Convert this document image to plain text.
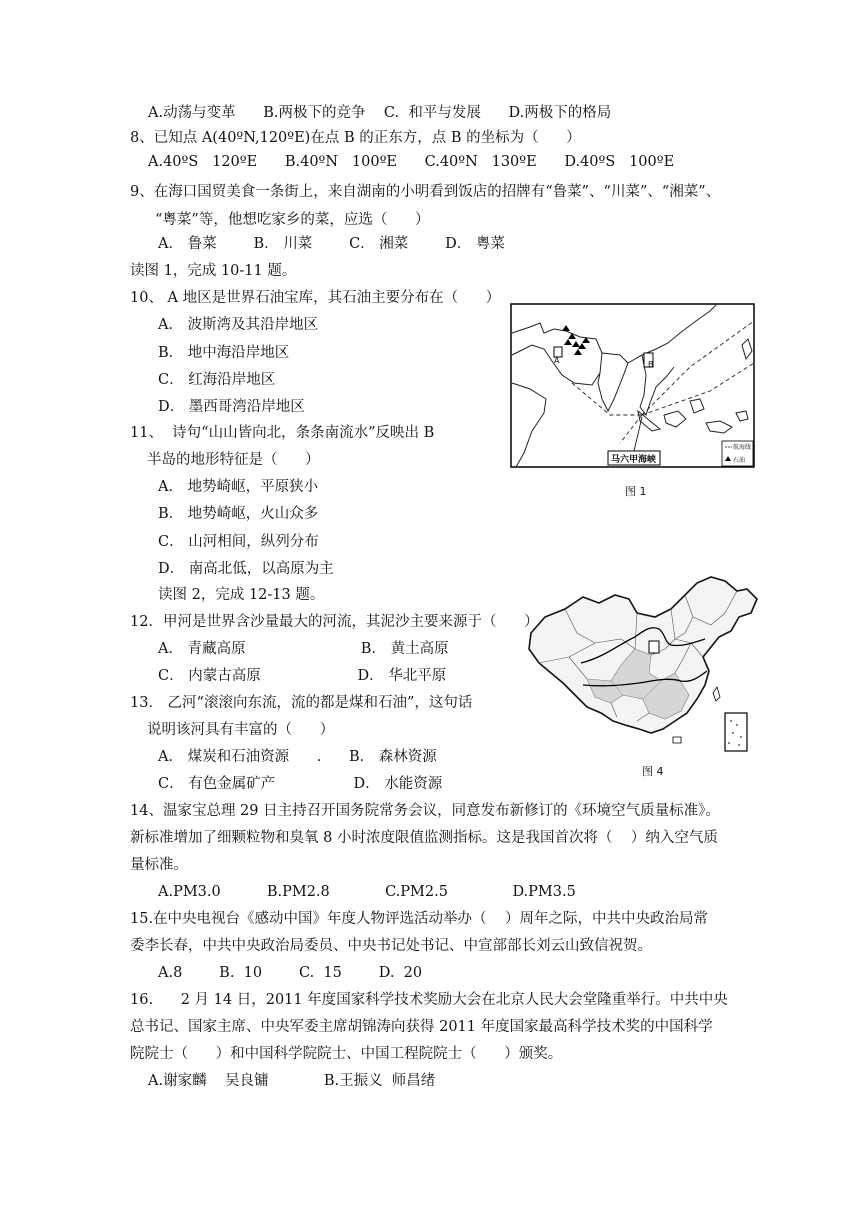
A.动荡与变革      B.两极下的竞争    C.  和平与发展      D.两极下的格局
8、已知点 A(40ºN,120ºE)在点 B 的正东方，点 B 的坐标为（      ）
A.40ºS   120ºE      B.40ºN   100ºE      C.40ºN   130ºE      D.40ºS   100ºE
9、在海口国贸美食一条街上，来自湖南的小明看到饭店的招牌有“鲁菜”、“川菜”、“湘菜”、
“粤菜”等，他想吃家乡的菜，应选（      ）
A． 鲁菜        B． 川菜        C． 湘菜        D． 粤菜
读图 1，完成 10-11 题。
10、 A 地区是世界石油宝库，其石油主要分布在（      ）
A． 波斯湾及其沿岸地区
B． 地中海沿岸地区
C． 红海沿岸地区
D． 墨西哥湾沿岸地区
11、  诗句“山山皆向北，条条南流水”反映出 B
半岛的地形特征是（      ）
A． 地势崎岖，平原狭小
B． 地势崎岖，火山众多
C． 山河相间，纵列分布
D． 南高北低，以高原为主
读图 2，完成 12-13 题。
12．甲河是世界含沙量最大的河流，其泥沙主要来源于（      ）
A． 青藏高原                         B． 黄土高原
C． 内蒙古高原                     D． 华北平原
13． 乙河“滚滚向东流，流的都是煤和石油”，这句话
说明该河具有丰富的（      ）
A． 煤炭和石油资源      .      B． 森林资源
C． 有色金属矿产                 D． 水能资源
14、温家宝总理 29 日主持召开国务院常务会议，同意发布新修订的《环境空气质量标准》。
新标准增加了细颗粒物和臭氧 8 小时浓度限值监测指标。这是我国首次将（    ）纳入空气质
量标准。
A.PM3.0          B.PM2.8            C.PM2.5              D.PM3.5
15.在中央电视台《感动中国》年度人物评选活动举办（    ）周年之际，中共中央政治局常
委李长春，中共中央政治局委员、中央书记处书记、中宣部部长刘云山致信祝贺。
A.8        B.  10        C.  15        D.  20
16.      2 月 14 日，2011 年度国家科学技术奖励大会在北京人民大会堂隆重举行。中共中央
总书记、国家主席、中央军委主席胡锦涛向获得 2011 年度国家最高科学技术奖的中国科学
院院士（      ）和中国科学院院士、中国工程院院士（      ）颁奖。
A.谢家麟    吴良镛            B.王振义  师昌绪
A	B
马六甲海峡
航海线
石油
图 1
图 4
